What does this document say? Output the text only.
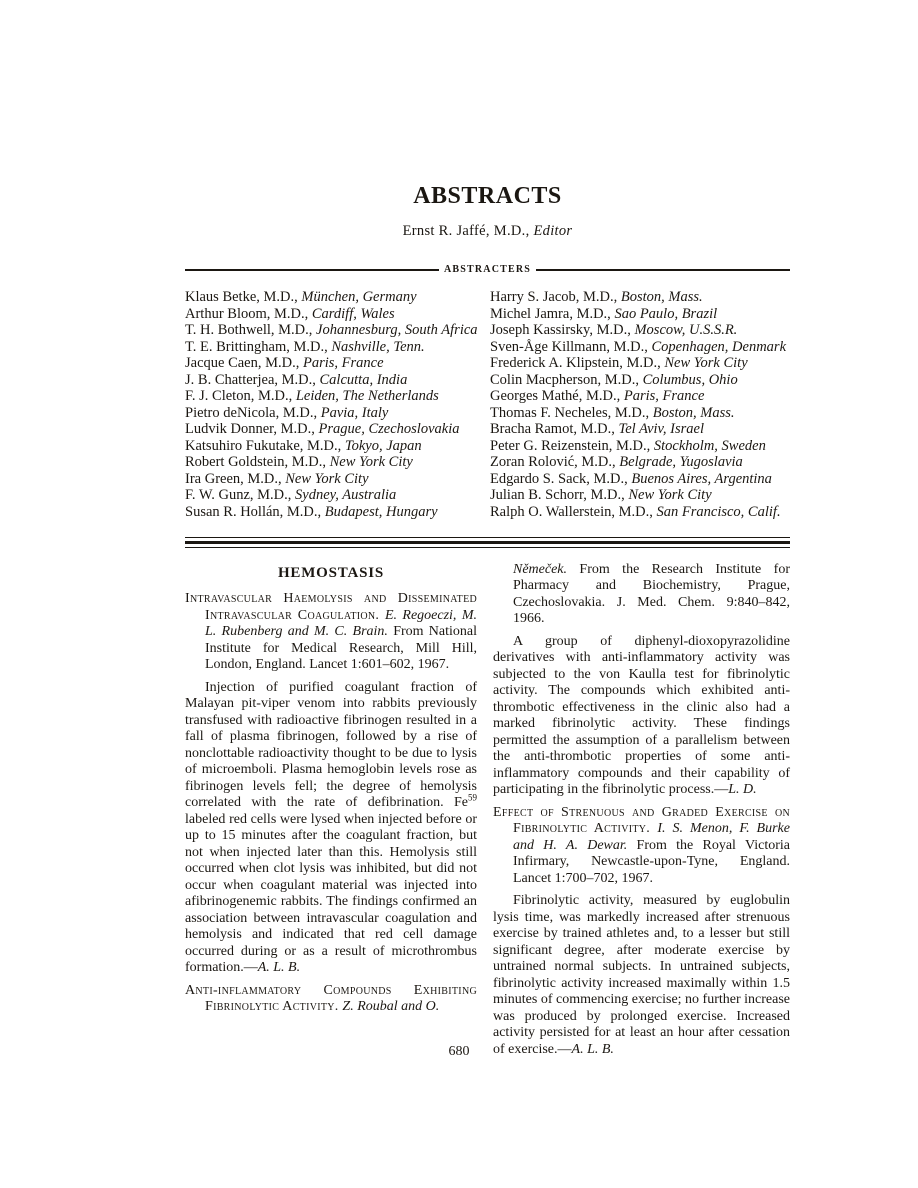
ABSTRACTS
Ernst R. Jaffé, M.D., Editor
ABSTRACTERS
Klaus Betke, M.D., München, Germany
Arthur Bloom, M.D., Cardiff, Wales
T. H. Bothwell, M.D., Johannesburg, South Africa
T. E. Brittingham, M.D., Nashville, Tenn.
Jacque Caen, M.D., Paris, France
J. B. Chatterjea, M.D., Calcutta, India
F. J. Cleton, M.D., Leiden, The Netherlands
Pietro deNicola, M.D., Pavia, Italy
Ludvik Donner, M.D., Prague, Czechoslovakia
Katsuhiro Fukutake, M.D., Tokyo, Japan
Robert Goldstein, M.D., New York City
Ira Green, M.D., New York City
F. W. Gunz, M.D., Sydney, Australia
Susan R. Hollán, M.D., Budapest, Hungary
Harry S. Jacob, M.D., Boston, Mass.
Michel Jamra, M.D., Sao Paulo, Brazil
Joseph Kassirsky, M.D., Moscow, U.S.S.R.
Sven-Åge Killmann, M.D., Copenhagen, Denmark
Frederick A. Klipstein, M.D., New York City
Colin Macpherson, M.D., Columbus, Ohio
Georges Mathé, M.D., Paris, France
Thomas F. Necheles, M.D., Boston, Mass.
Bracha Ramot, M.D., Tel Aviv, Israel
Peter G. Reizenstein, M.D., Stockholm, Sweden
Zoran Rolović, M.D., Belgrade, Yugoslavia
Edgardo S. Sack, M.D., Buenos Aires, Argentina
Julian B. Schorr, M.D., New York City
Ralph O. Wallerstein, M.D., San Francisco, Calif.
HEMOSTASIS

Intravascular Haemolysis and Disseminated Intravascular Coagulation. E. Regoeczi, M. L. Rubenberg and M. C. Brain. From National Institute for Medical Research, Mill Hill, London, England. Lancet 1:601–602, 1967.

Injection of purified coagulant fraction of Malayan pit-viper venom into rabbits previously transfused with radioactive fibrinogen resulted in a fall of plasma fibrinogen, followed by a rise of nonclottable radioactivity thought to be due to lysis of microemboli. Plasma hemoglobin levels rose as fibrinogen levels fell; the degree of hemolysis correlated with the rate of defibrination. Fe$^{59}$ labeled red cells were lysed when injected before or up to 15 minutes after the coagulant fraction, but not when injected later than this. Hemolysis still occurred when clot lysis was inhibited, but did not occur when coagulant material was injected into afibrinogenemic rabbits. The findings confirmed an association between intravascular coagulation and hemolysis and indicated that red cell damage occurred during or as a result of microthrombus formation.—A. L. B.

Anti-inflammatory Compounds Exhibiting Fibrinolytic Activity. Z. Roubal and O.

Němeček. From the Research Institute for Pharmacy and Biochemistry, Prague, Czechoslovakia. J. Med. Chem. 9:840–842, 1966.

A group of diphenyl-dioxopyrazolidine derivatives with anti-inflammatory activity was subjected to the von Kaulla test for fibrinolytic activity. The compounds which exhibited anti-thrombotic effectiveness in the clinic also had a marked fibrinolytic activity. These findings permitted the assumption of a parallelism between the anti-thrombotic properties of some anti-inflammatory compounds and their capability of participating in the fibrinolytic process.—L. D.

Effect of Strenuous and Graded Exercise on Fibrinolytic Activity. I. S. Menon, F. Burke and H. A. Dewar. From the Royal Victoria Infirmary, Newcastle-upon-Tyne, England. Lancet 1:700–702, 1967.

Fibrinolytic activity, measured by euglobulin lysis time, was markedly increased after strenuous exercise by trained athletes and, to a lesser but still significant degree, after moderate exercise by untrained normal subjects. In untrained subjects, fibrinolytic activity increased maximally within 1.5 minutes of commencing exercise; no further increase was produced by prolonged exercise. Increased activity persisted for at least an hour after cessation of exercise.—A. L. B.

680
